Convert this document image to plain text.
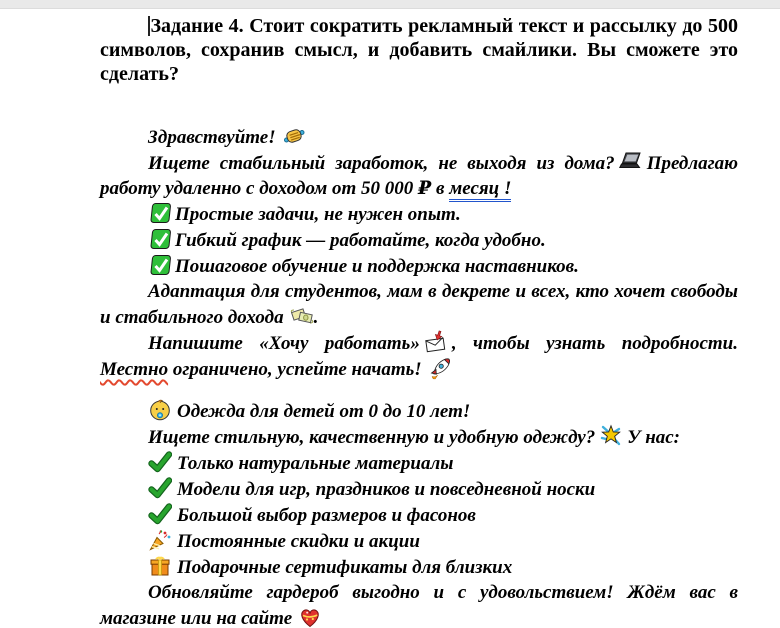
Задание 4. Стоит сократить рекламный текст и рассылку до 500
символов, сохранив смысл, и добавить смайлики. Вы сможете это
сделать?
Здравствуйте!
Ищете стабильный заработок, не выходя из дома? Предлагаю
работу удаленно с доходом от 50 000 ₽ в месяц !
Простые задачи, не нужен опыт.
Гибкий график — работайте, когда удобно.
Пошаговое обучение и поддержка наставников.
Адаптация для студентов, мам в декрете и всех, кто хочет свободы
и стабильного дохода .
Напишите «Хочу работать» , чтобы узнать подробности.
Местно ограничено, успейте начать!
Одежда для детей от 0 до 10 лет!
Ищете стильную, качественную и удобную одежду? У нас:
Только натуральные материалы
Модели для игр, праздников и повседневной носки
Большой выбор размеров и фасонов
Постоянные скидки и акции
Подарочные сертификаты для близких
Обновляйте гардероб выгодно и с удовольствием! Ждём вас в
магазине или на сайте
